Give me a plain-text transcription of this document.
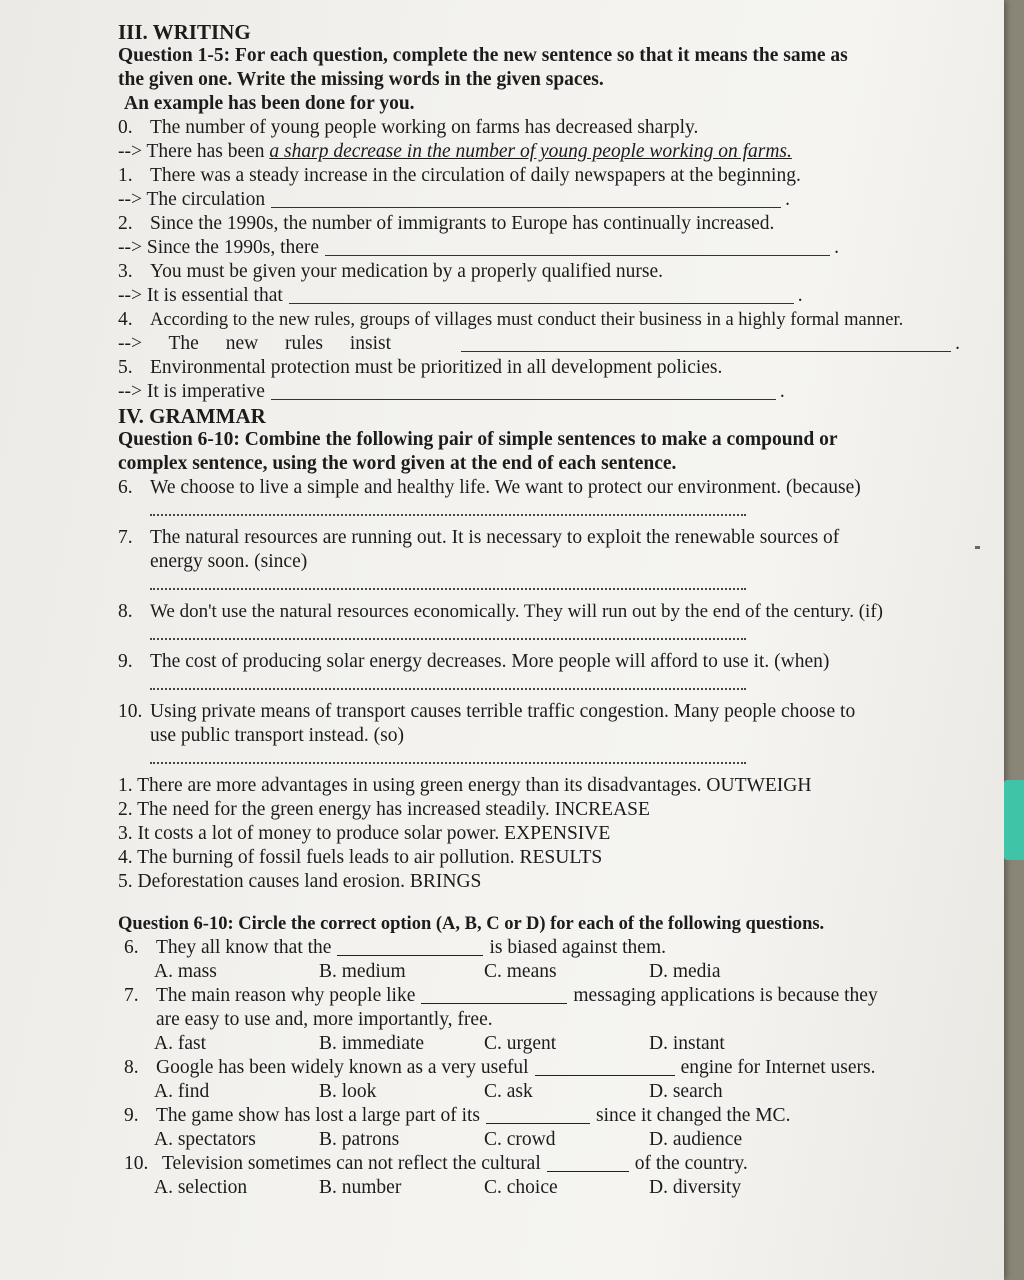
III. WRITING
Question 1-5: For each question, complete the new sentence so that it means the same as
the given one. Write the missing words in the given spaces.
An example has been done for you.
0. The number of young people working on farms has decreased sharply.
--> There has been a sharp decrease in the number of young people working on farms.
1. There was a steady increase in the circulation of daily newspapers at the beginning.
--> The circulation	.
2. Since the 1990s, the number of immigrants to Europe has continually increased.
--> Since the 1990s, there	.
3. You must be given your medication by a properly qualified nurse.
--> It is essential that	.
4. According to the new rules, groups of villages must conduct their business in a highly formal manner.
--> The new rules insist	.
5. Environmental protection must be prioritized in all development policies.
--> It is imperative	.
IV. GRAMMAR
Question 6-10: Combine the following pair of simple sentences to make a compound or
complex sentence, using the word given at the end of each sentence.
6. We choose to live a simple and healthy life. We want to protect our environment. (because)
7. The natural resources are running out. It is necessary to exploit the renewable sources of
energy soon. (since)
8. We don't use the natural resources economically. They will run out by the end of the century. (if)
9. The cost of producing solar energy decreases. More people will afford to use it. (when)
10. Using private means of transport causes terrible traffic congestion. Many people choose to
use public transport instead. (so)
1. There are more advantages in using green energy than its disadvantages. OUTWEIGH
2. The need for the green energy has increased steadily. INCREASE
3. It costs a lot of money to produce solar power. EXPENSIVE
4. The burning of fossil fuels leads to air pollution. RESULTS
5. Deforestation causes land erosion. BRINGS
Question 6-10: Circle the correct option (A, B, C or D) for each of the following questions.
6. They all know that the	is biased against them.
A. mass	B. medium	C. means	D. media
7. The main reason why people like	messaging applications is because they
are easy to use and, more importantly, free.
A. fast	B. immediate	C. urgent	D. instant
8. Google has been widely known as a very useful	engine for Internet users.
A. find	B. look	C. ask	D. search
9. The game show has lost a large part of its	since it changed the MC.
A. spectators	B. patrons	C. crowd	D. audience
10. Television sometimes can not reflect the cultural	of the country.
A. selection	B. number	C. choice	D. diversity
